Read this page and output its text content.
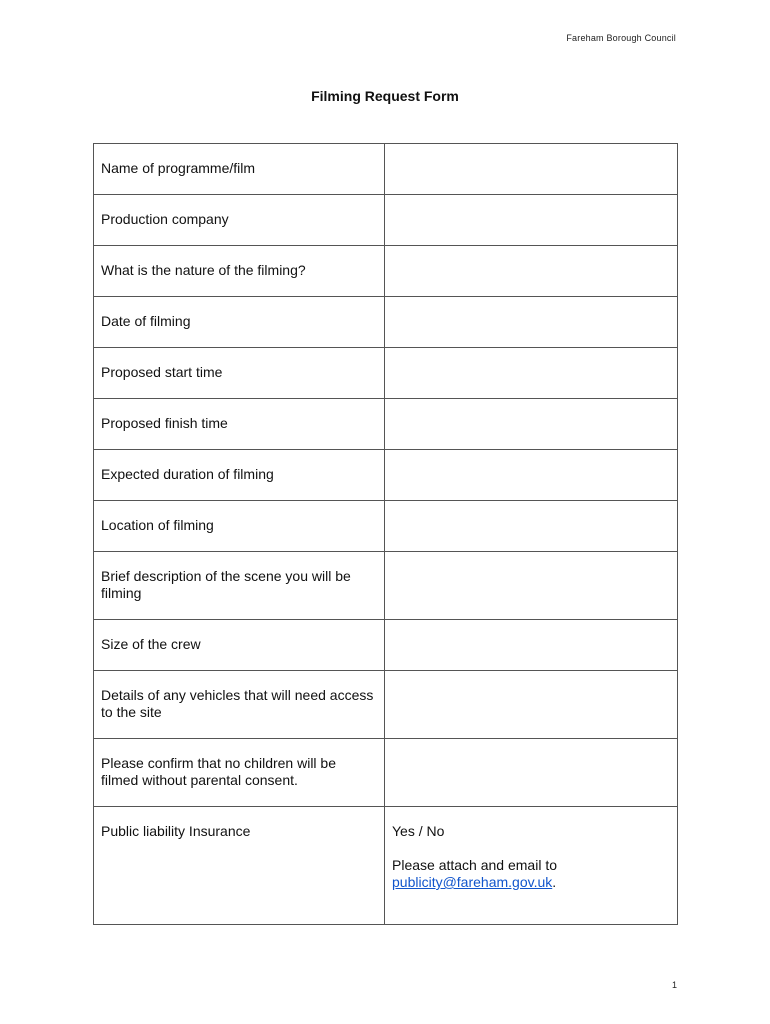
Fareham Borough Council
Filming Request Form
Name of programme/film	
Production company	
What is the nature of the filming?	
Date of filming	
Proposed start time	
Proposed finish time	
Expected duration of filming	
Location of filming	
Brief description of the scene you will be filming	
Size of the crew	
Details of any vehicles that will need access to the site	
Please confirm that no children will be filmed without parental consent.	
Public liability Insurance	Yes / No
Please attach and email to
publicity@fareham.gov.uk.
1
